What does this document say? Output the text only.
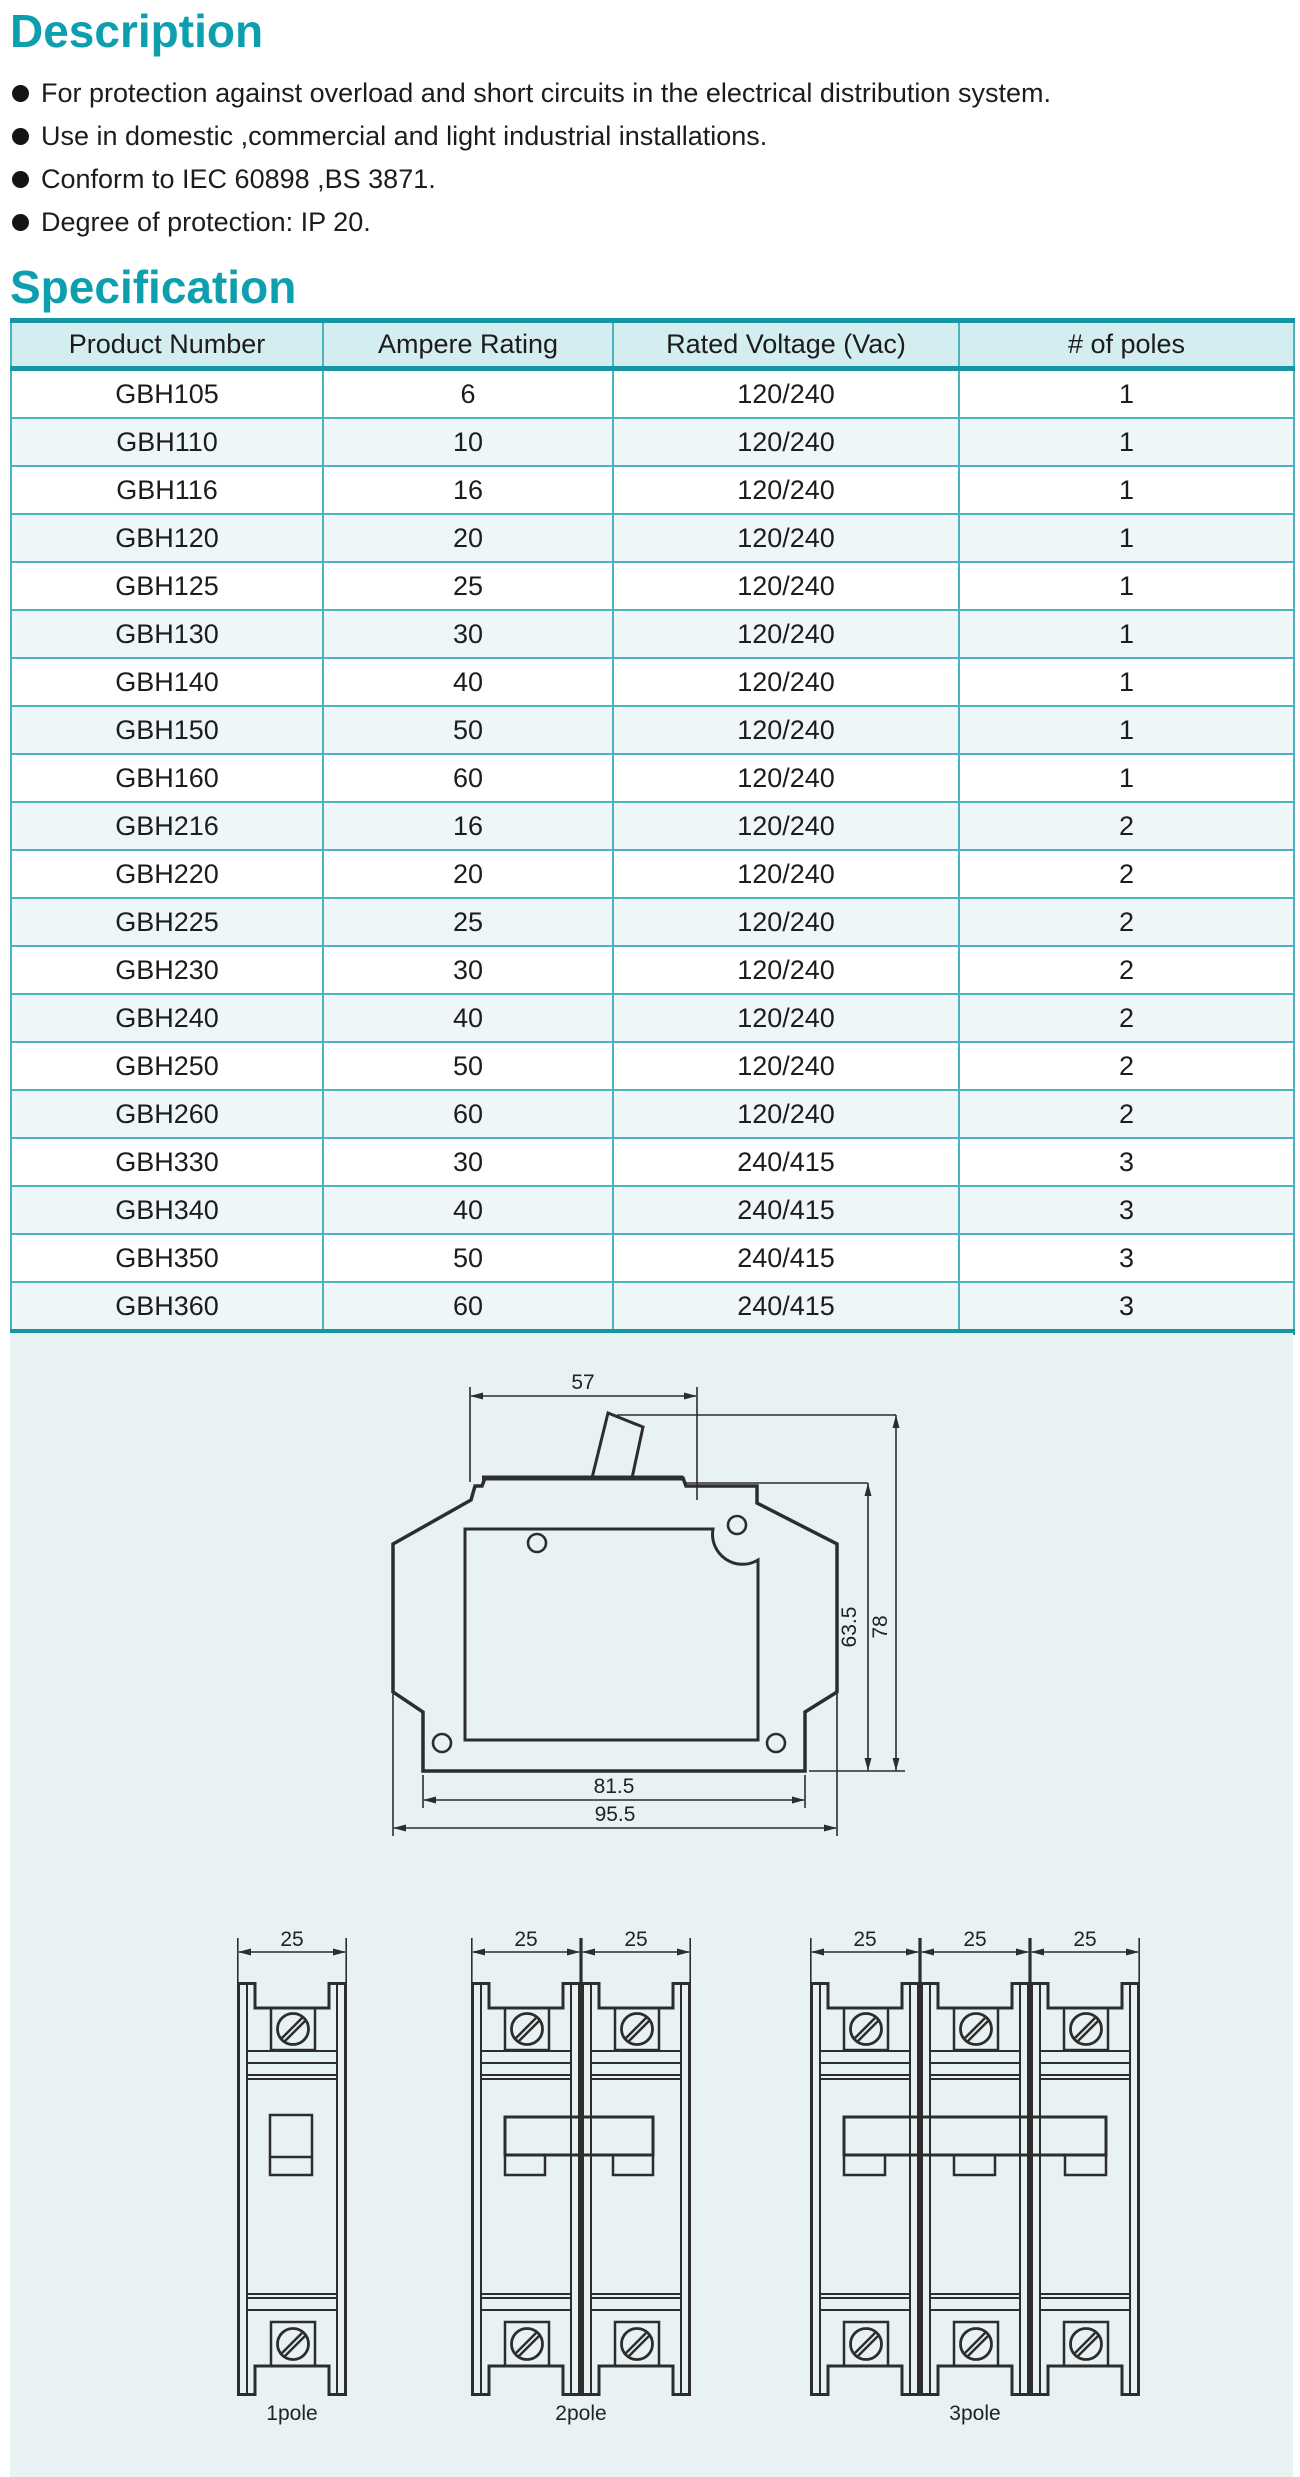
Description
For protection against overload and short circuits in the electrical distribution system.
Use in domestic ,commercial and light industrial installations.
Conform to IEC 60898 ,BS 3871.
Degree of protection: IP 20.
Specification
Product Number	Ampere Rating	Rated Voltage (Vac)	# of poles
GBH105	6	120/240	1
GBH110	10	120/240	1
GBH116	16	120/240	1
GBH120	20	120/240	1
GBH125	25	120/240	1
GBH130	30	120/240	1
GBH140	40	120/240	1
GBH150	50	120/240	1
GBH160	60	120/240	1
GBH216	16	120/240	2
GBH220	20	120/240	2
GBH225	25	120/240	2
GBH230	30	120/240	2
GBH240	40	120/240	2
GBH250	50	120/240	2
GBH260	60	120/240	2
GBH330	30	240/415	3
GBH340	40	240/415	3
GBH350	50	240/415	3
GBH360	60	240/415	3
57
63.5 78
81.5
95.5
25	25	25	25	25	25
1pole	2pole	3pole
